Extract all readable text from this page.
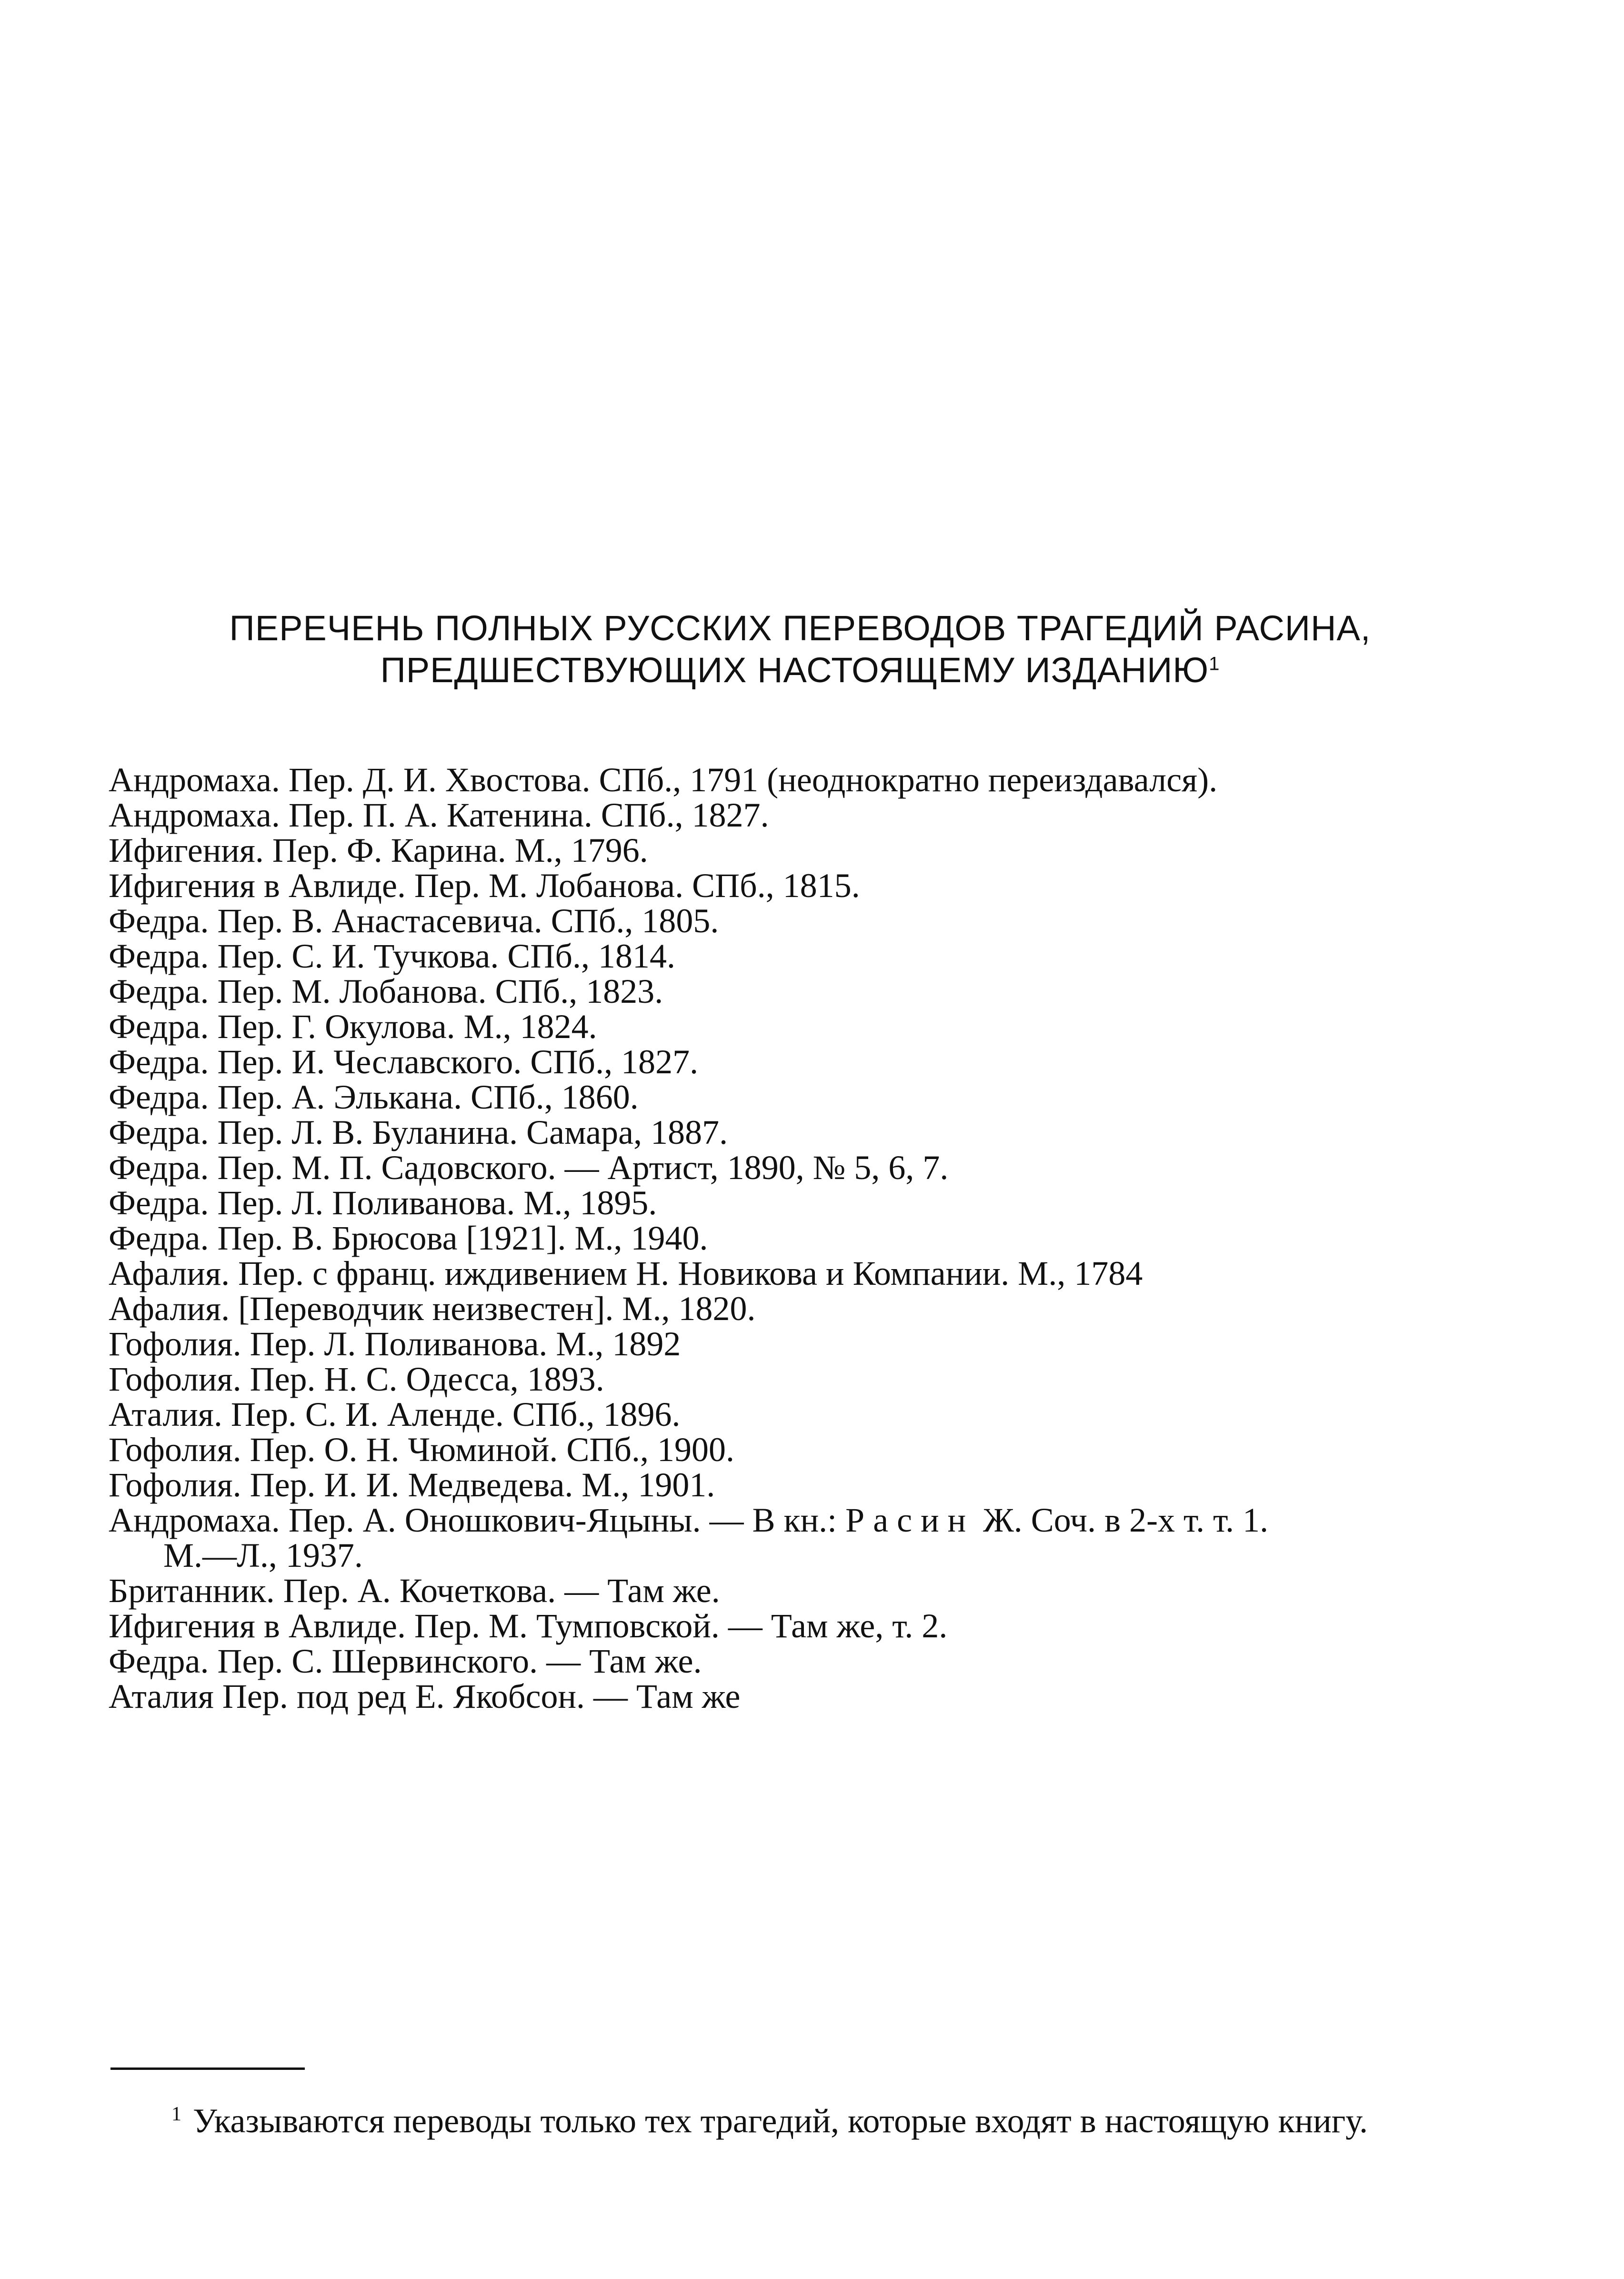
ПЕРЕЧЕНЬ ПОЛНЫХ РУССКИХ ПЕРЕВОДОВ ТРАГЕДИЙ РАСИНА,
ПРЕДШЕСТВУЮЩИХ НАСТОЯЩЕМУ ИЗДАНИЮ$^1$
Андромаха. Пер. Д. И. Хвостова. СПб., 1791 (неоднократно переиздавался).
Андромаха. Пер. П. А. Катенина. СПб., 1827.
Ифигения. Пер. Ф. Карина. М., 1796.
Ифигения в Авлиде. Пер. М. Лобанова. СПб., 1815.
Федра. Пер. В. Анастасевича. СПб., 1805.
Федра. Пер. С. И. Тучкова. СПб., 1814.
Федра. Пер. М. Лобанова. СПб., 1823.
Федра. Пер. Г. Окулова. М., 1824.
Федра. Пер. И. Чеславского. СПб., 1827.
Федра. Пер. А. Элькана. СПб., 1860.
Федра. Пер. Л. В. Буланина. Самара, 1887.
Федра. Пер. М. П. Садовского. — Артист, 1890, № 5, 6, 7.
Федра. Пер. Л. Поливанова. М., 1895.
Федра. Пер. В. Брюсова [1921]. М., 1940.
Афалия. Пер. с франц. иждивением Н. Новикова и Компании. М., 1784
Афалия. [Переводчик неизвестен]. М., 1820.
Гофолия. Пер. Л. Поливанова. М., 1892
Гофолия. Пер. Н. С. Одесса, 1893.
Аталия. Пер. С. И. Аленде. СПб., 1896.
Гофолия. Пер. О. Н. Чюминой. СПб., 1900.
Гофолия. Пер. И. И. Медведева. М., 1901.
Андромаха. Пер. А. Оношкович-Яцыны. — В кн.: Расин Ж. Соч. в 2-х т. т. 1.
М.—Л., 1937.
Британник. Пер. А. Кочеткова. — Там же.
Ифигения в Авлиде. Пер. М. Тумповской. — Там же, т. 2.
Федра. Пер. С. Шервинского. — Там же.
Аталия Пер. под ред Е. Якобсон. — Там же
$^1$ Указываются переводы только тех трагедий, которые входят в настоящую книгу.
